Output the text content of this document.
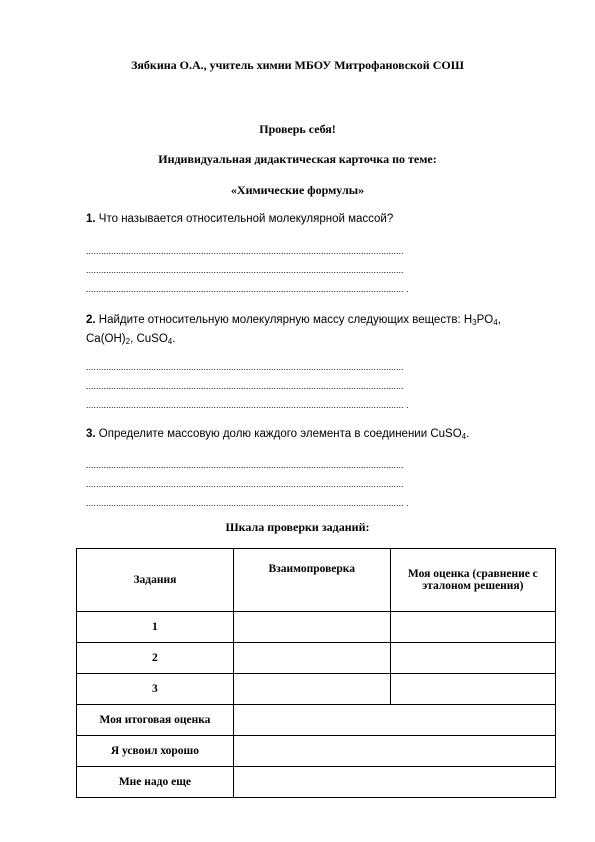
Зябкина О.А., учитель химии МБОУ Митрофановской СОШ
Проверь себя!
Индивидуальная дидактическая карточка по теме:
«Химические формулы»
1. Что называется относительной молекулярной массой?
...............................................................................................................................
...............................................................................................................................
............................................................................................................................... .
2. Найдите относительную молекулярную массу следующих веществ: $H_3PO_4$,
$Ca(OH)_2$, CuSO$_4$.
...............................................................................................................................
...............................................................................................................................
............................................................................................................................... .
3. Определите массовую долю каждого элемента в соединении CuSO$_4$.
...............................................................................................................................
...............................................................................................................................
............................................................................................................................... .
Шкала проверки заданий:
Задания	Взаимопроверка	Моя оценка (сравнение с эталоном решения)
1		
2		
3		
Моя итоговая оценка		
Я усвоил хорошо		
Мне надо еще		
